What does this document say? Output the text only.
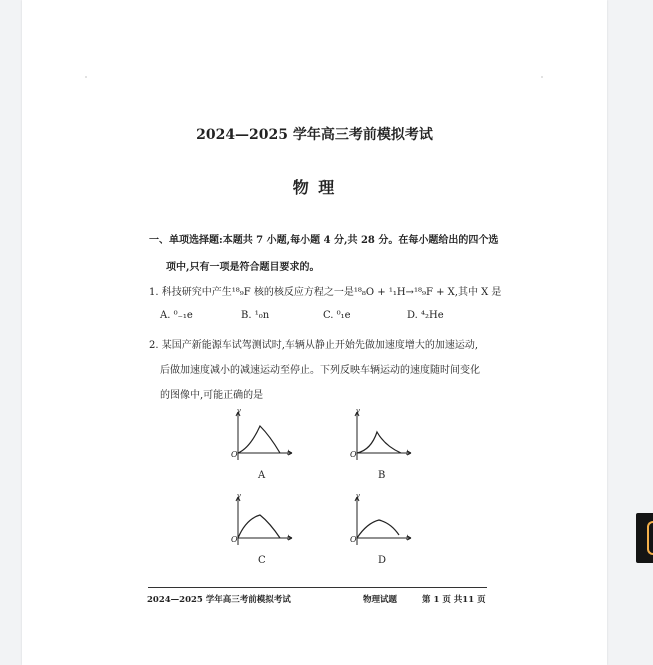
2024—2025 学年高三考前模拟考试
物 理
一、单项选择题:本题共 7 小题,每小题 4 分,共 28 分。在每小题给出的四个选
项中,只有一项是符合题目要求的。
1. 科技研究中产生¹⁸₉F 核的核反应方程之一是¹⁸₈O + ¹₁H→¹⁸₉F + X,其中 X 是
A. ⁰₋₁e	B. ¹₀n	C. ⁰₁e	D. ⁴₂He
2. 某国产新能源车试驾测试时,车辆从静止开始先做加速度增大的加速运动,
后做加速度减小的减速运动至停止。下列反映车辆运动的速度随时间变化
的图像中,可能正确的是
v
t
O
A
v
t
O
B
v
t
O
C
v
t
O
D
2024—2025 学年高三考前模拟考试	物理试题	第 1 页 共11 页
